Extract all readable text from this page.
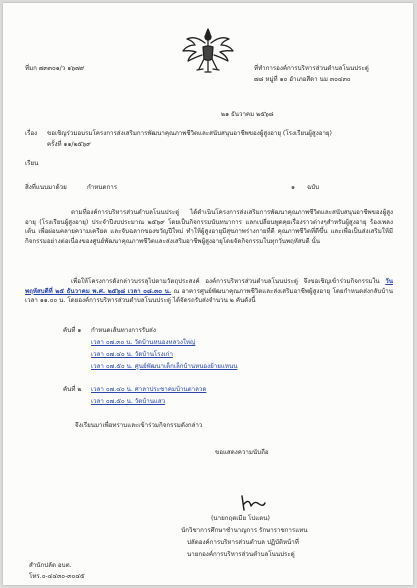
ที่มก ๗๓๓๐๑/ว ๑๖๗๙	ที่ทำการองค์การบริหารส่วนตำบลโนนประดู่
๗๘ หมู่ที่ ๑๐ อำเภอสีดา นม ๓๐๔๓๐
๒๑ ธันวาคม ๒๕๖๘
เรื่อง ขอเชิญร่วมอบรมโครงการส่งเสริมการพัฒนาคุณภาพชีวิตและสนับสนุนอาชีพของผู้สูงอายุ (โรงเรียนผู้สูงอายุ)
ครั้งที่ ๑๑/๒๕๖๙
เรียน
สิ่งที่แนบมาด้วย	กำหนดการ	๑ ฉบับ
ตามที่องค์การบริหารส่วนตำบลโนนประดู่ ได้ดำเนินโครงการส่งเสริมการพัฒนาคุณภาพชีวิตและสนับสนุนอาชีพของผู้สูงอายุ (โรงเรียนผู้สูงอายุ) ประจำปีงบประมาณ ๒๕๖๙ โดยเป็นกิจกรรมนันทนาการ แลกเปลี่ยนพูดคุยเรื่องราวต่างๆสำหรับผู้สูงอายุ ร้องเพลง เต้น เพื่อผ่อนคลายความเครียด และจับฉลากของขวัญปีใหม่ ทำให้ผู้สูงอายุมีสุขภาพร่างกายที่ดี คุณภาพชีวิตที่ดีขึ้น และเพื่อเป็นส่งเสริมให้มีกิจกรรมอย่างต่อเนื่องของศูนย์พัฒนาคุณภาพชีวิตและส่งเสริมอาชีพผู้สูงอายุโดยจัดกิจกรรมในทุกวันพฤหัสบดี นั้น
เพื่อให้โครงการดังกล่าวบรรลุไปตามวัตถุประสงค์ องค์การบริหารส่วนตำบลโนนประดู่ จึงขอเชิญเข้าร่วมกิจกรรมใน วันพฤหัสบดีที่ ๒๕ ธันวาคม พ.ศ. ๒๕๖๘ เวลา ๐๘.๓๐ น. ณ อาคารศูนย์พัฒนาคุณภาพชีวิตและส่งเสริมอาชีพผู้สูงอายุ โดยกำหนดส่งกลับบ้านเวลา ๑๑.๐๐ น. โดยองค์การบริหารส่วนตำบลโนนประดู่ ได้จัดรถรับส่งจำนวน ๒ คันดังนี้
คันที่ ๑ กำหนดเส้นทางการรับส่ง
เวลา ๐๗.๓๐ น. วัดบ้านหนองหลวงใหญ่
เวลา ๐๗.๔๐ น. วัดบ้านโรงเก่า
เวลา ๐๗.๕๐ น. ศูนย์พัฒนาเด็กเล็กบ้านหนองย้ายแหนน
คันที่ ๒ เวลา ๐๗.๔๐ น. ศาลาประชาคมบ้านตาลวด
เวลา ๐๗.๕๐ น. วัดบ้านแสว
จึงเรียนมาเพื่อทราบและเข้าร่วมกิจกรรมดังกล่าว
ขอแสดงความนับถือ
(นายกฤตเมีย โปแดน)
นักวิชาการศึกษาชำนาญการ รักษาราชการแทน
ปลัดองค์การบริหารส่วนตำบล ปฏิบัติหน้าที่
นายกองค์การบริหารส่วนตำบลโนนประดู่
สำนักปลัด อบต.
โทร.๐-๔๔๓๐-๓๐๔๕
